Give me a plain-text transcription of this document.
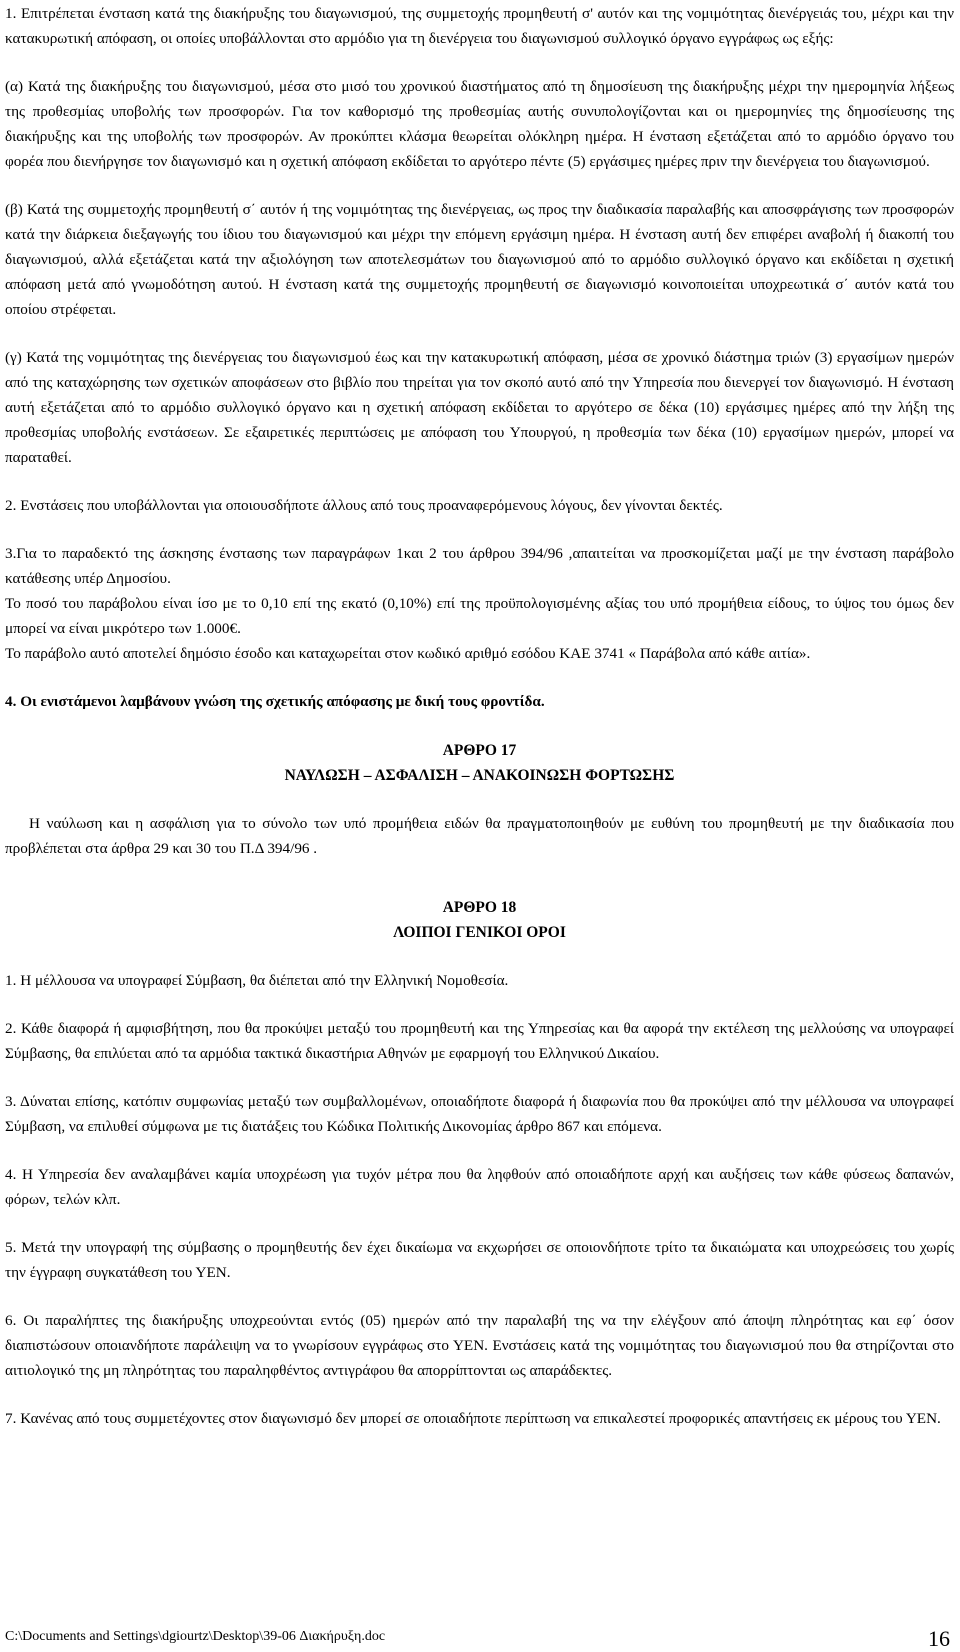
1. Επιτρέπεται ένσταση κατά της διακήρυξης του διαγωνισμού, της συμμετοχής προμηθευτή σ' αυτόν και της νομιμότητας διενέργειάς του, μέχρι και την κατακυρωτική απόφαση, οι οποίες υποβάλλονται στο αρμόδιο για τη διενέργεια του διαγωνισμού συλλογικό όργανο εγγράφως ως εξής:

(α) Κατά της διακήρυξης του διαγωνισμού, μέσα στο μισό του χρονικού διαστήματος από τη δημοσίευση της διακήρυξης μέχρι την ημερομηνία λήξεως της προθεσμίας υποβολής των προσφορών. Για τον καθορισμό της προθεσμίας αυτής συνυπολογίζονται και οι ημερομηνίες της δημοσίευσης της διακήρυξης και της υποβολής των προσφορών. Αν προκύπτει κλάσμα θεωρείται ολόκληρη ημέρα. Η ένσταση εξετάζεται από το αρμόδιο όργανο του φορέα που διενήργησε τον διαγωνισμό και η σχετική απόφαση εκδίδεται το αργότερο πέντε (5) εργάσιμες ημέρες πριν την διενέργεια του διαγωνισμού.

(β) Κατά της συμμετοχής προμηθευτή σ΄ αυτόν ή της νομιμότητας της διενέργειας, ως προς την διαδικασία παραλαβής και αποσφράγισης των προσφορών κατά την διάρκεια διεξαγωγής του ίδιου του διαγωνισμού και μέχρι την επόμενη εργάσιμη ημέρα. Η ένσταση αυτή δεν επιφέρει αναβολή ή διακοπή του διαγωνισμού, αλλά εξετάζεται κατά την αξιολόγηση των αποτελεσμάτων του διαγωνισμού από το αρμόδιο συλλογικό όργανο και εκδίδεται η σχετική απόφαση μετά από γνωμοδότηση αυτού. Η ένσταση κατά της συμμετοχής προμηθευτή σε διαγωνισμό κοινοποιείται υποχρεωτικά σ΄ αυτόν κατά του οποίου στρέφεται.

(γ) Κατά της νομιμότητας της διενέργειας του διαγωνισμού έως και την κατακυρωτική απόφαση, μέσα σε χρονικό διάστημα τριών (3) εργασίμων ημερών από της καταχώρησης των σχετικών αποφάσεων στο βιβλίο που τηρείται για τον σκοπό αυτό από την Υπηρεσία που διενεργεί τον διαγωνισμό. Η ένσταση αυτή εξετάζεται από το αρμόδιο συλλογικό όργανο και η σχετική απόφαση εκδίδεται το αργότερο σε δέκα (10) εργάσιμες ημέρες από την λήξη της προθεσμίας υποβολής ενστάσεων. Σε εξαιρετικές περιπτώσεις με απόφαση του Υπουργού, η προθεσμία των δέκα (10) εργασίμων ημερών, μπορεί να παραταθεί.

2. Ενστάσεις που υποβάλλονται για οποιουσδήποτε άλλους από τους προαναφερόμενους λόγους, δεν γίνονται δεκτές.

3.Για το παραδεκτό της άσκησης ένστασης των παραγράφων 1και 2 του άρθρου 394/96 ,απαιτείται να προσκομίζεται μαζί με την ένσταση παράβολο κατάθεσης υπέρ Δημοσίου.

Το ποσό του παράβολου είναι ίσο με το 0,10 επί της εκατό (0,10%) επί της προϋπολογισμένης αξίας του υπό προμήθεια είδους, το ύψος του όμως δεν μπορεί να είναι μικρότερο των 1.000€.

Το παράβολο αυτό αποτελεί δημόσιο έσοδο και καταχωρείται στον κωδικό αριθμό εσόδου ΚΑΕ 3741 « Παράβολα από κάθε αιτία».

4. Οι ενιστάμενοι λαμβάνουν γνώση της σχετικής απόφασης με δική τους φροντίδα.

ΑΡΘΡΟ 17
ΝΑΥΛΩΣΗ – ΑΣΦΑΛΙΣΗ – ΑΝΑΚΟΙΝΩΣΗ ΦΟΡΤΩΣΗΣ

Η ναύλωση και η ασφάλιση για το σύνολο των υπό προμήθεια ειδών θα πραγματοποιηθούν με ευθύνη του προμηθευτή με την διαδικασία που προβλέπεται στα άρθρα 29 και 30 του Π.Δ 394/96 .

ΑΡΘΡΟ 18
ΛΟΙΠΟΙ ΓΕΝΙΚΟΙ ΟΡΟΙ

1. Η μέλλουσα να υπογραφεί Σύμβαση, θα διέπεται από την Ελληνική Νομοθεσία.

2. Κάθε διαφορά ή αμφισβήτηση, που θα προκύψει μεταξύ του προμηθευτή και της Υπηρεσίας και θα αφορά την εκτέλεση της μελλούσης να υπογραφεί Σύμβασης, θα επιλύεται από τα αρμόδια τακτικά δικαστήρια Αθηνών με εφαρμογή του Ελληνικού Δικαίου.

3. Δύναται επίσης, κατόπιν συμφωνίας μεταξύ των συμβαλλομένων, οποιαδήποτε διαφορά ή διαφωνία που θα προκύψει από την μέλλουσα να υπογραφεί Σύμβαση, να επιλυθεί σύμφωνα με τις διατάξεις του Κώδικα Πολιτικής Δικονομίας άρθρο 867 και επόμενα.

4. Η Υπηρεσία δεν αναλαμβάνει καμία υποχρέωση για τυχόν μέτρα που θα ληφθούν από οποιαδήποτε αρχή και αυξήσεις των κάθε φύσεως δαπανών, φόρων, τελών κλπ.

5. Μετά την υπογραφή της σύμβασης ο προμηθευτής δεν έχει δικαίωμα να εκχωρήσει σε οποιονδήποτε τρίτο τα δικαιώματα και υποχρεώσεις του χωρίς την έγγραφη συγκατάθεση του ΥΕΝ.

6. Οι παραλήπτες της διακήρυξης υποχρεούνται εντός (05) ημερών από την παραλαβή της να την ελέγξουν από άποψη πληρότητας και εφ΄ όσον διαπιστώσουν οποιανδήποτε παράλειψη να το γνωρίσουν εγγράφως στο ΥΕΝ. Ενστάσεις κατά της νομιμότητας του διαγωνισμού που θα στηρίζονται στο αιτιολογικό της μη πληρότητας του παραληφθέντος αντιγράφου θα απορρίπτονται ως απαράδεκτες.

7. Κανένας από τους συμμετέχοντες στον διαγωνισμό δεν μπορεί σε οποιαδήποτε περίπτωση να επικαλεστεί προφορικές απαντήσεις εκ μέρους του ΥΕΝ.

C:\Documents and Settings\dgiourtz\Desktop\39-06 Διακήρυξη.doc	16
